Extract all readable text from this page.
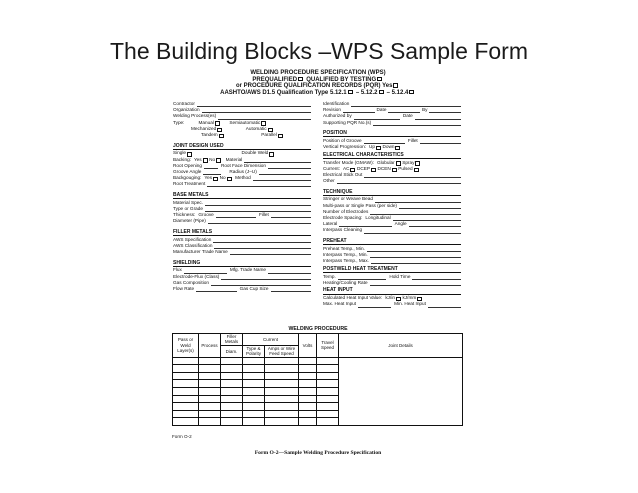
The Building Blocks –WPS Sample Form
WELDING PROCEDURE SPECIFICATION (WPS)
PREQUALIFIED QUALIFIED BY TESTING
or PROCEDURE QUALIFICATION RECORDS (PQR) Yes
AASHTO/AWS D1.5 Qualification Type 5.12.1 – 5.12.2 – 5.12.4
Contractor
Organization
Welding Process(es)
Type:	Manual	Semiautomatic
Mechanized	Automatic
Tandem	Parallel
JOINT DESIGN USED
Single	Double Weld
Backing: Yes No Material
Root Opening	Root Face Dimension
Groove Angle	Radius (J–U)
Backgouging: Yes No Method
Root Treatment
BASE METALS
Material Spec.
Type or Grade
Thickness: Groove	Fillet
Diameter (Pipe)
FILLER METALS
AWS Specification
AWS Classification
Manufacturer Trade Name
SHIELDING
Flux	Mfg. Trade Name
Electrode-Flux (Class)
Gas Composition
Flow Rate	Gas Cup Size
Identification
Revision	Date	By
Authorized by	Date
Supporting PQR No.(s)
POSITION
Position of Groove	Fillet
Vertical Progression: Up Down
ELECTRICAL CHARACTERISTICS
Transfer Mode (GMAW): Globular Spray
Current: AC DCEP DCEN Pulsed
Electrical Stick Out
Other
TECHNIQUE
Stringer or Weave Bead
Multi-pass or Single Pass (per side)
Number of Electrodes
Electrode Spacing: Longitudinal
Lateral	Angle
Interpass Cleaning
PREHEAT
Preheat Temp., Min.
Interpass Temp., Min.
Interpass Temp., Max.
POSTWELD HEAT TREATMENT
Temp.	Hold Time
Heating/Cooling Rate
HEAT INPUT
Calculated Heat Input Value: kJ/in kJ/mm
Max. Heat Input	Min. Heat Input
WELDING PROCEDURE
Pass or Weld Layer(s)	Process	Filler Metals	Current		Volts	Travel Speed	Joint Details
		Diam.	Type & Polarity	Amps or Wire Feed Speed			

Form O-2
Form O-2—Sample Welding Procedure Specification
